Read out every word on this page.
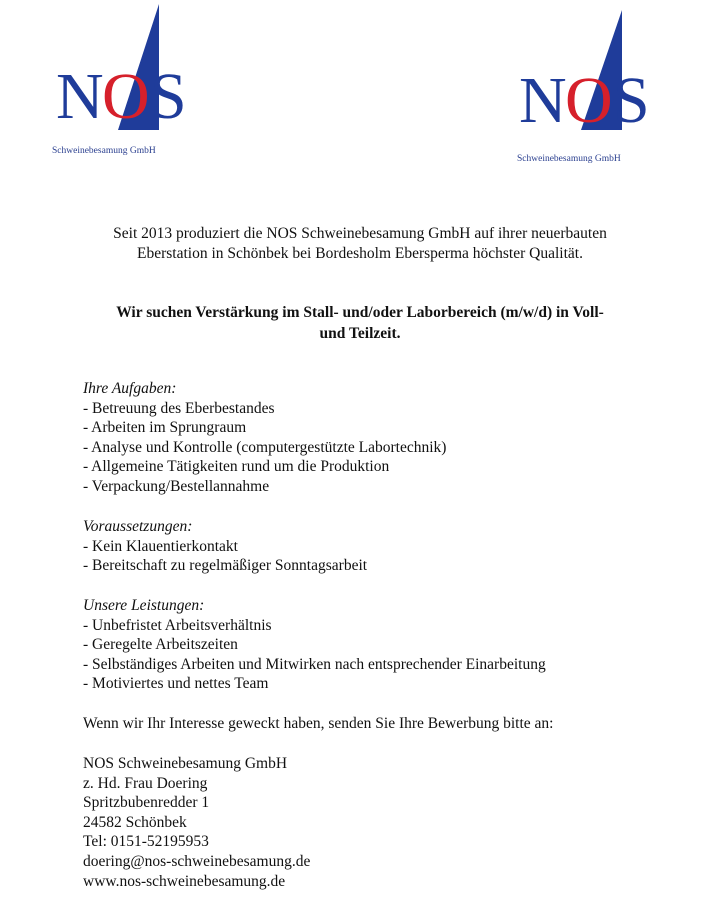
N
O S
Schweinebesamung GmbH
N
O S
Schweinebesamung GmbH
Seit 2013 produziert die NOS Schweinebesamung GmbH auf ihrer neuerbauten
Eberstation in Schönbek bei Bordesholm Ebersperma höchster Qualität.
Wir suchen Verstärkung im Stall- und/oder Laborbereich (m/w/d) in Voll-
und Teilzeit.
Ihre Aufgaben:
- Betreuung des Eberbestandes
- Arbeiten im Sprungraum
- Analyse und Kontrolle (computergestützte Labortechnik)
- Allgemeine Tätigkeiten rund um die Produktion
- Verpackung/Bestellannahme
Voraussetzungen:
- Kein Klauentierkontakt
- Bereitschaft zu regelmäßiger Sonntagsarbeit
Unsere Leistungen:
- Unbefristet Arbeitsverhältnis
- Geregelte Arbeitszeiten
- Selbständiges Arbeiten und Mitwirken nach entsprechender Einarbeitung
- Motiviertes und nettes Team
Wenn wir Ihr Interesse geweckt haben, senden Sie Ihre Bewerbung bitte an:
NOS Schweinebesamung GmbH
z. Hd. Frau Doering
Spritzbubenredder 1
24582 Schönbek
Tel: 0151-52195953
doering@nos-schweinebesamung.de
www.nos-schweinebesamung.de
